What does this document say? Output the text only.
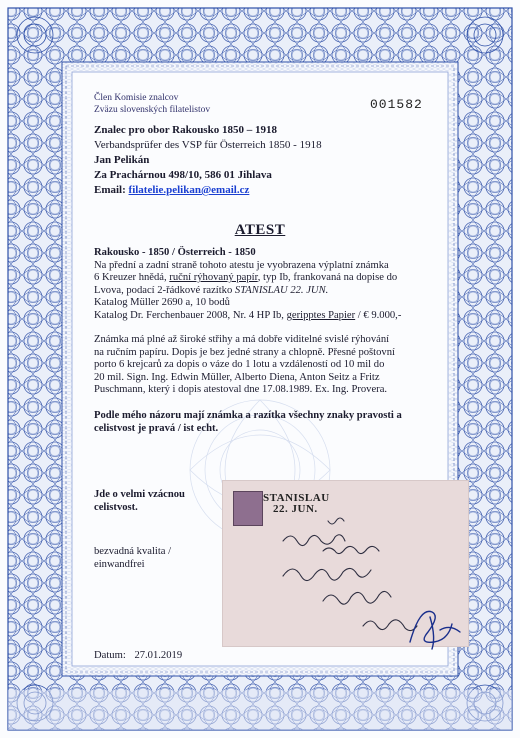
Člen Komisie znalcov
Zväzu slovenských filatelistov	001582
Znalec pro obor Rakousko 1850 – 1918
Verbandsprüfer des VSP für Österreich 1850 - 1918
Jan Pelikán
Za Prachárnou 498/10, 586 01 Jihlava
Email: filatelie.pelikan@email.cz
ATEST
Rakousko - 1850 / Österreich - 1850
Na přední a zadní straně tohoto atestu je vyobrazena výplatní známka
6 Kreuzer hnědá, ruční rýhovaný papír, typ Ib, frankovaná na dopise do
Lvova, podací 2-řádkové razítko STANISLAU 22. JUN.
Katalog Müller 2690 a, 10 bodů
Katalog Dr. Ferchenbauer 2008, Nr. 4 HP Ib, geripptes Papier / € 9.000,-
Známka má plné až široké střihy a má dobře viditelné svislé rýhování
na ručním papíru. Dopis je bez jedné strany a chlopně. Přesné poštovní
porto 6 krejcarů za dopis o váze do 1 lotu a vzdáleností od 10 mil do
20 mil. Sign. Ing. Edwin Müller, Alberto Diena, Anton Seitz a Fritz
Puschmann, který i dopis atestoval dne 17.08.1989. Ex. Ing. Provera.
Podle mého názoru mají známka a razítka všechny znaky pravosti a
celistvost je pravá / ist echt.
Jde o velmi vzácnou
celistvost.
bezvadná kvalita /
einwandfrei
STANISLAU
22. JUN.
Datum: 27.01.2019
